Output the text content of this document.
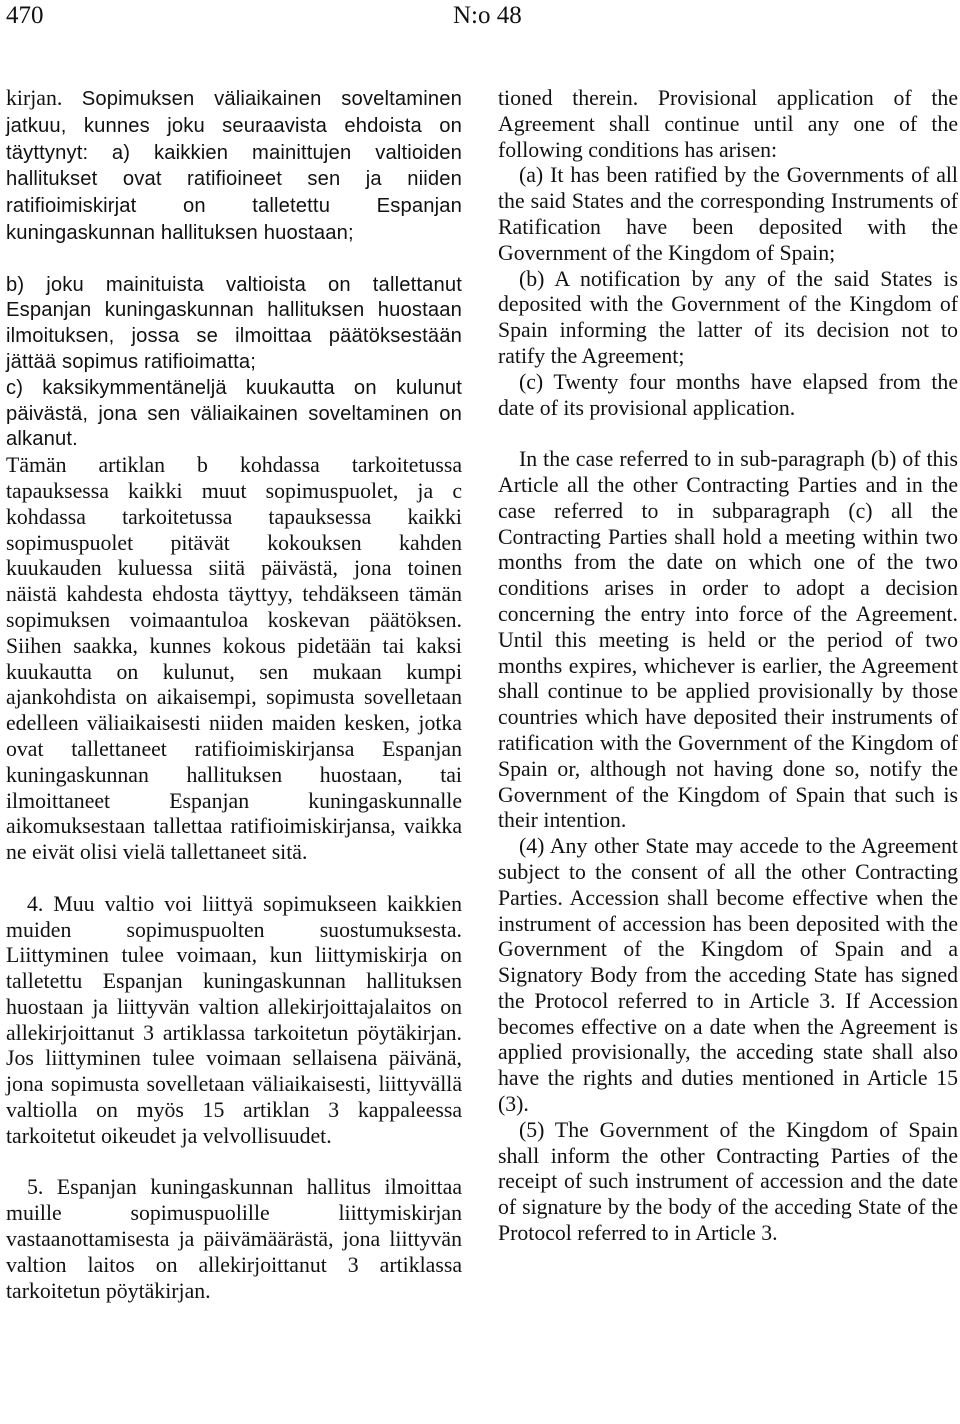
470	N:o 48

kirjan. Sopimuksen väliaikainen soveltaminen jatkuu, kunnes joku seuraavista ehdoista on täyttynyt: a) kaikkien mainittujen valtioiden hallitukset ovat ratifioineet sen ja niiden ratifioimiskirjat on talletettu Espanjan kuningaskunnan hallituksen huostaan;

b) joku mainituista valtioista on tallettanut Espanjan kuningaskunnan hallituksen huostaan ilmoituksen, jossa se ilmoittaa päätöksestään jättää sopimus ratifioimatta;

c) kaksikymmentäneljä kuukautta on kulunut päivästä, jona sen väliaikainen soveltaminen on alkanut.

Tämän artiklan b kohdassa tarkoitetussa tapauksessa kaikki muut sopimuspuolet, ja c kohdassa tarkoitetussa tapauksessa kaikki sopimuspuolet pitävät kokouksen kahden kuukauden kuluessa siitä päivästä, jona toinen näistä kahdesta ehdosta täyttyy, tehdäkseen tämän sopimuksen voimaantuloa koskevan päätöksen. Siihen saakka, kunnes kokous pidetään tai kaksi kuukautta on kulunut, sen mukaan kumpi ajankohdista on aikaisempi, sopimusta sovelletaan edelleen väliaikaisesti niiden maiden kesken, jotka ovat tallettaneet ratifioimiskirjansa Espanjan kuningaskunnan hallituksen huostaan, tai ilmoittaneet Espanjan kuningaskunnalle aikomuksestaan tallettaa ratifioimiskirjansa, vaikka ne eivät olisi vielä tallettaneet sitä.

4. Muu valtio voi liittyä sopimukseen kaikkien muiden sopimuspuolten suostumuksesta. Liittyminen tulee voimaan, kun liittymiskirja on talletettu Espanjan kuningaskunnan hallituksen huostaan ja liittyvän valtion allekirjoittajalaitos on allekirjoittanut 3 artiklassa tarkoitetun pöytäkirjan. Jos liittyminen tulee voimaan sellaisena päivänä, jona sopimusta sovelletaan väliaikaisesti, liittyvällä valtiolla on myös 15 artiklan 3 kappaleessa tarkoitetut oikeudet ja velvollisuudet.

5. Espanjan kuningaskunnan hallitus ilmoittaa muille sopimuspuolille liittymiskirjan vastaanottamisesta ja päivämäärästä, jona liittyvän valtion laitos on allekirjoittanut 3 artiklassa tarkoitetun pöytäkirjan.

tioned therein. Provisional application of the Agreement shall continue until any one of the following conditions has arisen:

(a) It has been ratified by the Governments of all the said States and the corresponding Instruments of Ratification have been deposited with the Government of the Kingdom of Spain;

(b) A notification by any of the said States is deposited with the Government of the Kingdom of Spain informing the latter of its decision not to ratify the Agreement;

(c) Twenty four months have elapsed from the date of its provisional application.

In the case referred to in sub-paragraph (b) of this Article all the other Contracting Parties and in the case referred to in subparagraph (c) all the Contracting Parties shall hold a meeting within two months from the date on which one of the two conditions arises in order to adopt a decision concerning the entry into force of the Agreement. Until this meeting is held or the period of two months expires, whichever is earlier, the Agreement shall continue to be applied provisionally by those countries which have deposited their instruments of ratification with the Government of the Kingdom of Spain or, although not having done so, notify the Government of the Kingdom of Spain that such is their intention.

(4) Any other State may accede to the Agreement subject to the consent of all the other Contracting Parties. Accession shall become effective when the instrument of accession has been deposited with the Government of the Kingdom of Spain and a Signatory Body from the acceding State has signed the Protocol referred to in Article 3. If Accession becomes effective on a date when the Agreement is applied provisionally, the acceding state shall also have the rights and duties mentioned in Article 15 (3).

(5) The Government of the Kingdom of Spain shall inform the other Contracting Parties of the receipt of such instrument of accession and the date of signature by the body of the acceding State of the Protocol referred to in Article 3.
